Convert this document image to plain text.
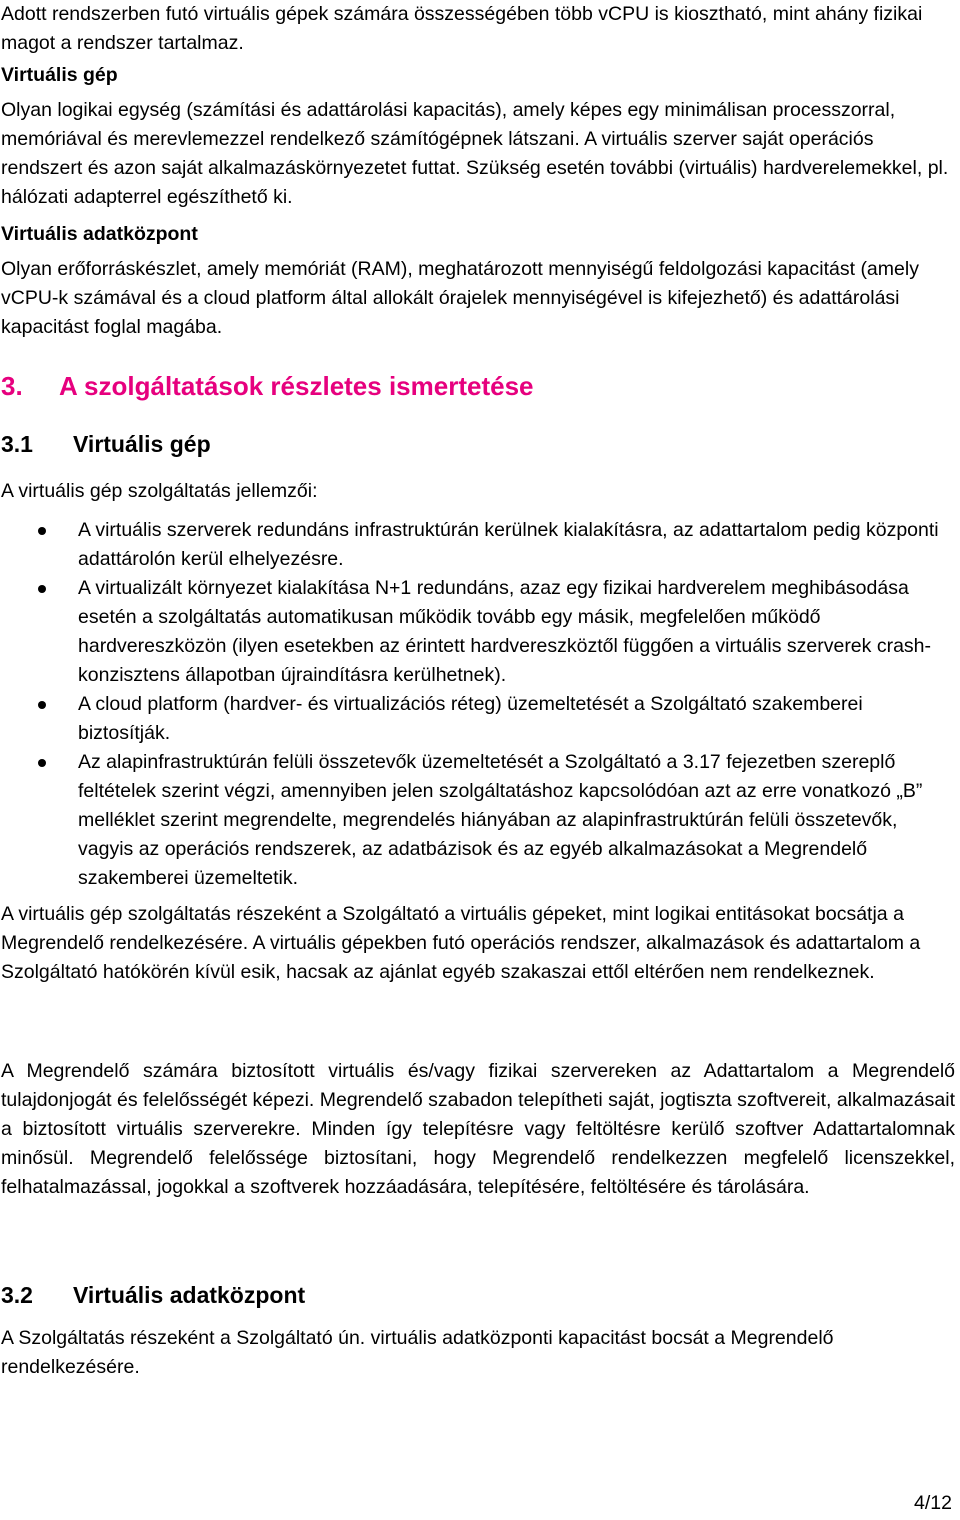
Adott rendszerben futó virtuális gépek számára összességében több vCPU is kiosztható, mint ahány fizikai magot a rendszer tartalmaz.

Virtuális gép

Olyan logikai egység (számítási és adattárolási kapacitás), amely képes egy minimálisan processzorral, memóriával és merevlemezzel rendelkező számítógépnek látszani. A virtuális szerver saját operációs rendszert és azon saját alkalmazáskörnyezetet futtat. Szükség esetén további (virtuális) hardverelemekkel, pl. hálózati adapterrel egészíthető ki.

Virtuális adatközpont

Olyan erőforráskészlet, amely memóriát (RAM), meghatározott mennyiségű feldolgozási kapacitást (amely vCPU-k számával és a cloud platform által allokált órajelek mennyiségével is kifejezhető) és adattárolási kapacitást foglal magába.

3. A szolgáltatások részletes ismertetése
3.1 Virtuális gép

A virtuális gép szolgáltatás jellemzői:

A virtuális szerverek redundáns infrastruktúrán kerülnek kialakításra, az adattartalom pedig központi adattárolón kerül elhelyezésre.
A virtualizált környezet kialakítása N+1 redundáns, azaz egy fizikai hardverelem meghibásodása esetén a szolgáltatás automatikusan működik tovább egy másik, megfelelően működő hardvereszközön (ilyen esetekben az érintett hardvereszköztől függően a virtuális szerverek crash-konzisztens állapotban újraindításra kerülhetnek).
A cloud platform (hardver- és virtualizációs réteg) üzemeltetését a Szolgáltató szakemberei biztosítják.
Az alapinfrastruktúrán felüli összetevők üzemeltetését a Szolgáltató a 3.17 fejezetben szereplő feltételek szerint végzi, amennyiben jelen szolgáltatáshoz kapcsolódóan azt az erre vonatkozó „B” melléklet szerint megrendelte, megrendelés hiányában az alapinfrastruktúrán felüli összetevők, vagyis az operációs rendszerek, az adatbázisok és az egyéb alkalmazásokat a Megrendelő szakemberei üzemeltetik.

A virtuális gép szolgáltatás részeként a Szolgáltató a virtuális gépeket, mint logikai entitásokat bocsátja a Megrendelő rendelkezésére. A virtuális gépekben futó operációs rendszer, alkalmazások és adattartalom a Szolgáltató hatókörén kívül esik, hacsak az ajánlat egyéb szakaszai ettől eltérően nem rendelkeznek.

A Megrendelő számára biztosított virtuális és/vagy fizikai szervereken az Adattartalom a Megrendelő tulajdonjogát és felelősségét képezi. Megrendelő szabadon telepítheti saját, jogtiszta szoftvereit, alkalmazásait a biztosított virtuális szerverekre. Minden így telepítésre vagy feltöltésre kerülő szoftver Adattartalomnak minősül. Megrendelő felelőssége biztosítani, hogy Megrendelő rendelkezzen megfelelő licenszekkel, felhatalmazással, jogokkal a szoftverek hozzáadására, telepítésére, feltöltésére és tárolására.

3.2 Virtuális adatközpont

A Szolgáltatás részeként a Szolgáltató ún. virtuális adatközponti kapacitást bocsát a Megrendelő rendelkezésére.

4/12
